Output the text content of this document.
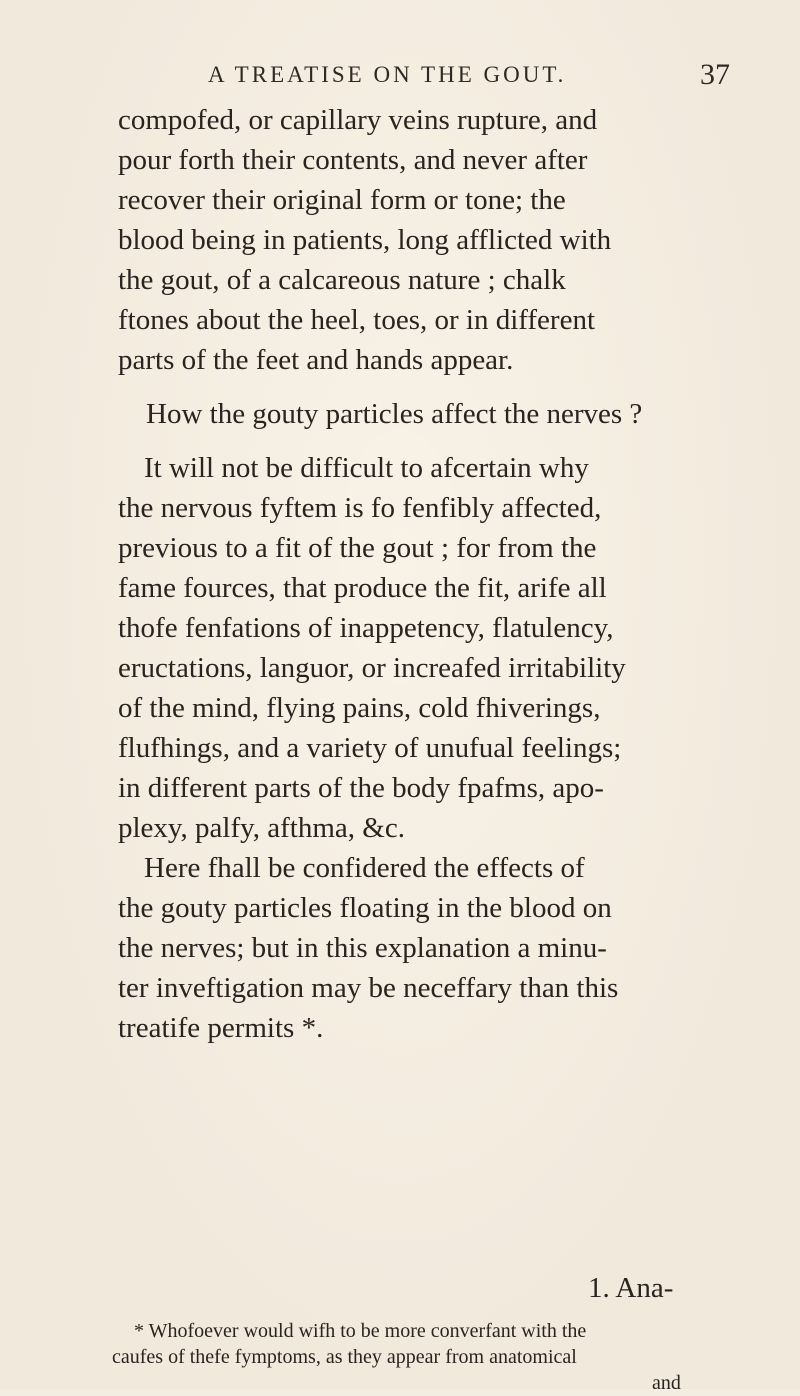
A TREATISE ON THE GOUT.	37
compofed, or capillary veins rupture, and
pour forth their contents, and never after
recover their original form or tone; the
blood being in patients, long afflicted with
the gout, of a calcareous nature ; chalk
ftones about the heel, toes, or in different
parts of the feet and hands appear.
How the gouty particles affect the nerves ?
It will not be difficult to afcertain why
the nervous fyftem is fo fenfibly affected,
previous to a fit of the gout ; for from the
fame fources, that produce the fit, arife all
thofe fenfations of inappetency, flatulency,
eructations, languor, or increafed irritability
of the mind, flying pains, cold fhiverings,
flufhings, and a variety of unufual feelings;
in different parts of the body fpafms, apo-
plexy, palfy, afthma, &c.
Here fhall be confidered the effects of
the gouty particles floating in the blood on
the nerves; but in this explanation a minu-
ter inveftigation may be neceffary than this
treatife permits *.
1. Ana-
* Whofoever would wifh to be more converfant with the
caufes of thefe fymptoms, as they appear from anatomical
and
